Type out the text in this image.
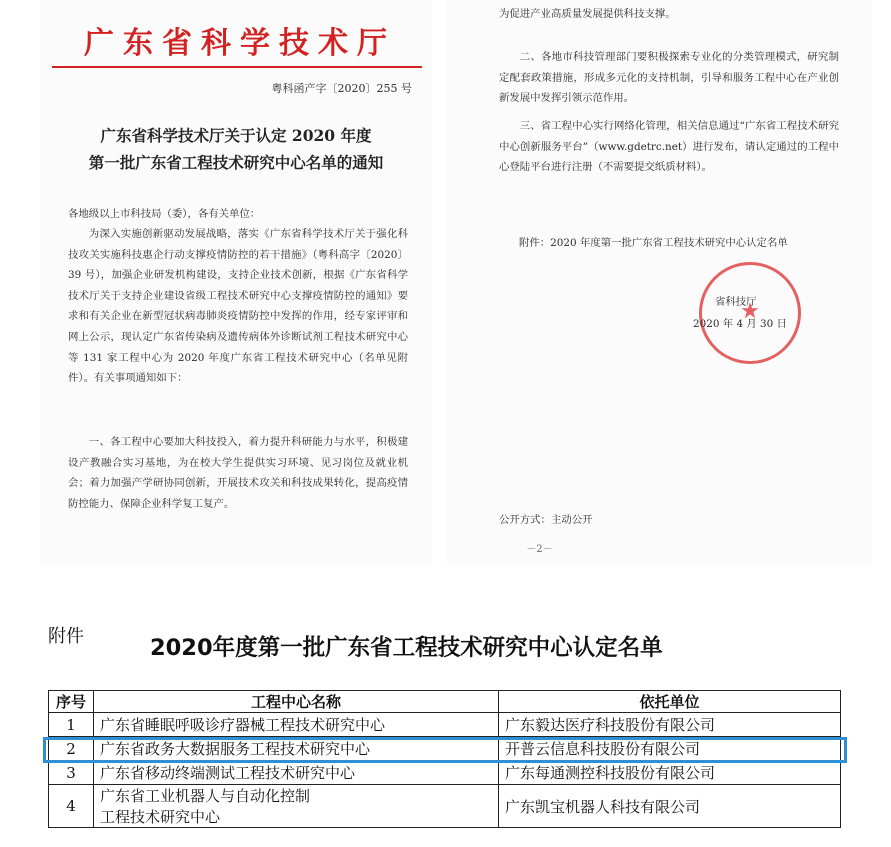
广东省科学技术厅
粤科函产字〔2020〕255 号
广东省科学技术厅关于认定 2020 年度
第一批广东省工程技术研究中心名单的通知

各地级以上市科技局（委），各有关单位：

为深入实施创新驱动发展战略，落实《广东省科学技术厅关于强化科技攻关实施科技惠企行动支撑疫情防控的若干措施》（粤科高字〔2020〕39 号），加强企业研发机构建设，支持企业技术创新，根据《广东省科学技术厅关于支持企业建设省级工程技术研究中心支撑疫情防控的通知》要求和有关企业在新型冠状病毒肺炎疫情防控中发挥的作用，经专家评审和网上公示，现认定广东省传染病及遗传病体外诊断试剂工程技术研究中心等 131 家工程中心为 2020 年度广东省工程技术研究中心（名单见附件）。有关事项通知如下：

一、各工程中心要加大科技投入，着力提升科研能力与水平，积极建设产教融合实习基地，为在校大学生提供实习环境、见习岗位及就业机会；着力加强产学研协同创新，开展技术攻关和科技成果转化，提高疫情防控能力、保障企业科学复工复产。

为促进产业高质量发展提供科技支撑。

二、各地市科技管理部门要积极探索专业化的分类管理模式，研究制定配套政策措施，形成多元化的支持机制，引导和服务工程中心在产业创新发展中发挥引领示范作用。

三、省工程中心实行网络化管理，相关信息通过“广东省工程技术研究中心创新服务平台”（www.gdetrc.net）进行发布，请认定通过的工程中心登陆平台进行注册（不需要提交纸质材料）。

附件：2020 年度第一批广东省工程技术研究中心认定名单

★

省科技厅

2020 年 4 月 30 日

公开方式：主动公开

－2－
附件	2020年度第一批广东省工程技术研究中心认定名单
序号	工程中心名称	依托单位
1	广东省睡眠呼吸诊疗器械工程技术研究中心	广东毅达医疗科技股份有限公司
2	广东省政务大数据服务工程技术研究中心	开普云信息科技股份有限公司
3	广东省移动终端测试工程技术研究中心	广东每通测控科技股份有限公司
4	广东省工业机器人与自动化控制
工程技术研究中心	广东凯宝机器人科技有限公司
